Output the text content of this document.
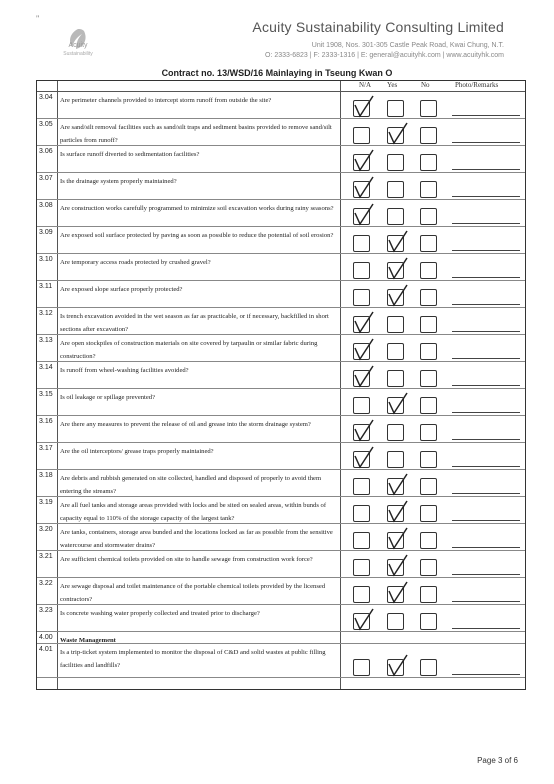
"
Acuity
Sustainability
Acuity Sustainability Consulting Limited
Unit 1908, Nos. 301-305 Castle Peak Road, Kwai Chung, N.T.
O: 2333-6823 | F: 2333-1316 | E: general@acuityhk.com | www.acuityhk.com
Contract no. 13/WSD/16 Mainlaying in Tseung Kwan O
N/A Yes	No	Photo/Remarks
3.04 Are perimeter channels provided to intercept storm runoff from outside the site?
3.05 Are sand/silt removal facilities such as sand/silt traps and sediment basins provided to remove sand/silt particles from runoff?
3.06 Is surface runoff diverted to sedimentation facilities?
3.07 Is the drainage system properly maintained?
3.08 Are construction works carefully programmed to minimize soil excavation works during rainy seasons?
3.09 Are exposed soil surface protected by paving as soon as possible to reduce the potential of soil erosion?
3.10 Are temporary access roads protected by crushed gravel?
3.11 Are exposed slope surface properly protected?
3.12 Is trench excavation avoided in the wet season as far as practicable, or if necessary, backfilled in short sections after excavation?
3.13 Are open stockpiles of construction materials on site covered by tarpaulin or similar fabric during construction?
3.14 Is runoff from wheel-washing facilities avoided?
3.15 Is oil leakage or spillage prevented?
3.16 Are there any measures to prevent the release of oil and grease into the storm drainage system?
3.17 Are the oil interceptors/ grease traps properly maintained?
3.18 Are debris and rubbish generated on site collected, handled and disposed of properly to avoid them entering the streams?
3.19 Are all fuel tanks and storage areas provided with locks and be sited on sealed areas, within bunds of capacity equal to 110% of the storage capacity of the largest tank?
3.20 Are tanks, containers, storage area bunded and the locations locked as far as possible from the sensitive watercourse and stormwater drains?
3.21 Are sufficient chemical toilets provided on site to handle sewage from construction work force?
3.22 Are sewage disposal and toilet maintenance of the portable chemical toilets provided by the licensed contractors?
3.23 Is concrete washing water properly collected and treated prior to discharge?
4.00 Waste Management
4.01 Is a trip-ticket system implemented to monitor the disposal of C&D and solid wastes at public filling facilities and landfills?
Page 3 of 6
